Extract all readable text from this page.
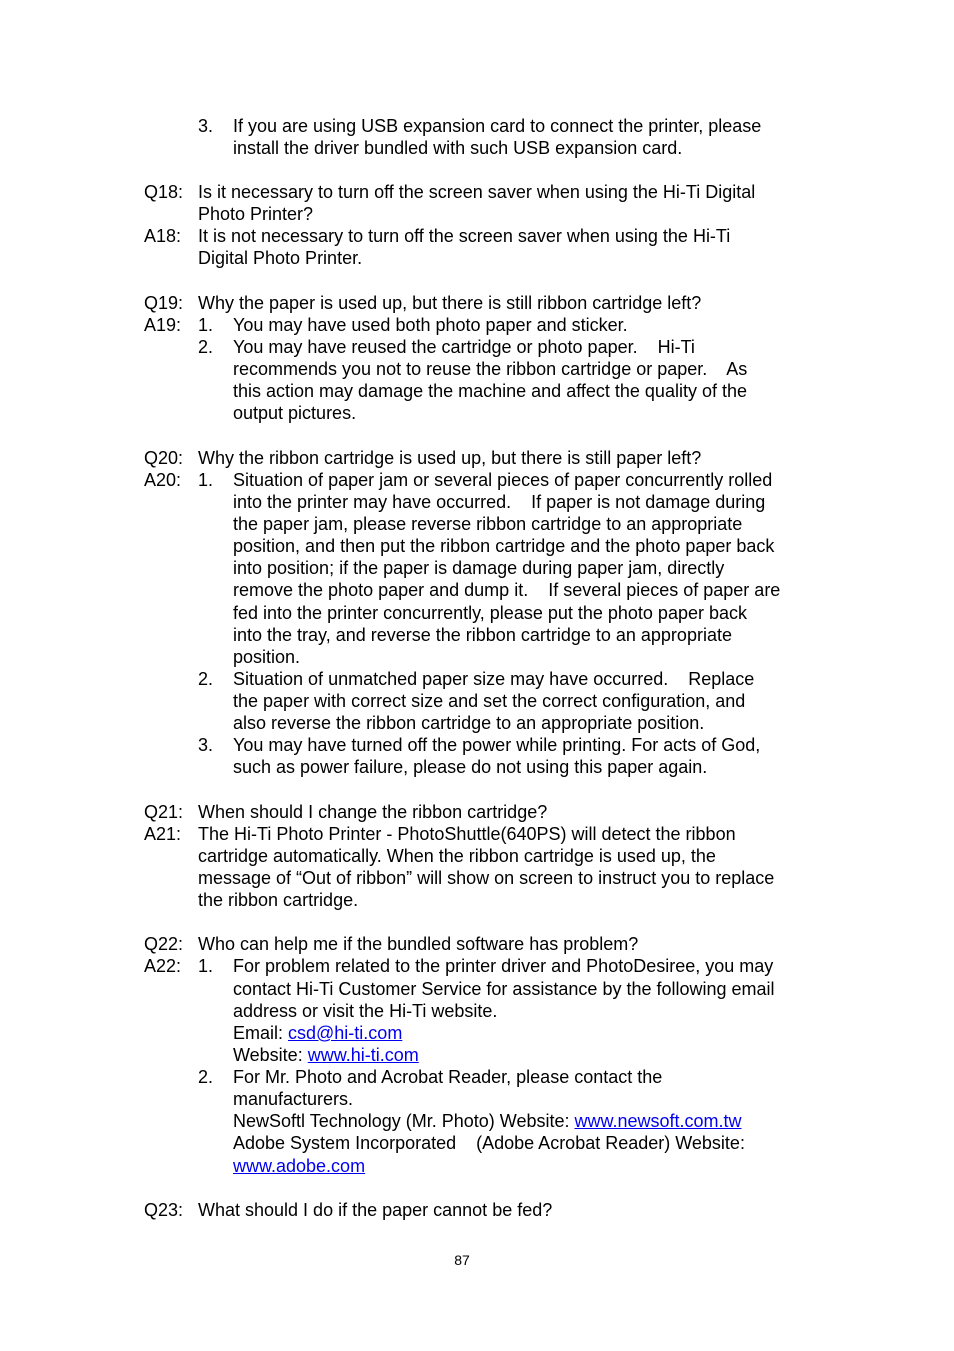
3. If you are using USB expansion card to connect the printer, please
install the driver bundled with such USB expansion card.
Q18: Is it necessary to turn off the screen saver when using the Hi-Ti Digital
Photo Printer?
A18: It is not necessary to turn off the screen saver when using the Hi-Ti
Digital Photo Printer.
Q19: Why the paper is used up, but there is still ribbon cartridge left?
A19: 1. You may have used both photo paper and sticker.
2. You may have reused the cartridge or photo paper.    Hi-Ti
recommends you not to reuse the ribbon cartridge or paper.    As
this action may damage the machine and affect the quality of the
output pictures.
Q20: Why the ribbon cartridge is used up, but there is still paper left?
A20: 1. Situation of paper jam or several pieces of paper concurrently rolled
into the printer may have occurred.    If paper is not damage during
the paper jam, please reverse ribbon cartridge to an appropriate
position, and then put the ribbon cartridge and the photo paper back
into position; if the paper is damage during paper jam, directly
remove the photo paper and dump it.    If several pieces of paper are
fed into the printer concurrently, please put the photo paper back
into the tray, and reverse the ribbon cartridge to an appropriate
position.
2. Situation of unmatched paper size may have occurred.    Replace
the paper with correct size and set the correct configuration, and
also reverse the ribbon cartridge to an appropriate position.
3. You may have turned off the power while printing. For acts of God,
such as power failure, please do not using this paper again.
Q21: When should I change the ribbon cartridge?
A21: The Hi-Ti Photo Printer - PhotoShuttle(640PS) will detect the ribbon
cartridge automatically. When the ribbon cartridge is used up, the
message of “Out of ribbon” will show on screen to instruct you to replace
the ribbon cartridge.
Q22: Who can help me if the bundled software has problem?
A22: 1. For problem related to the printer driver and PhotoDesiree, you may
contact Hi-Ti Customer Service for assistance by the following email
address or visit the Hi-Ti website.
Email: csd@hi-ti.com
Website: www.hi-ti.com
2. For Mr. Photo and Acrobat Reader, please contact the
manufacturers.
NewSoftl Technology (Mr. Photo) Website: www.newsoft.com.tw
Adobe System Incorporated    (Adobe Acrobat Reader) Website:
www.adobe.com
Q23: What should I do if the paper cannot be fed?
87
